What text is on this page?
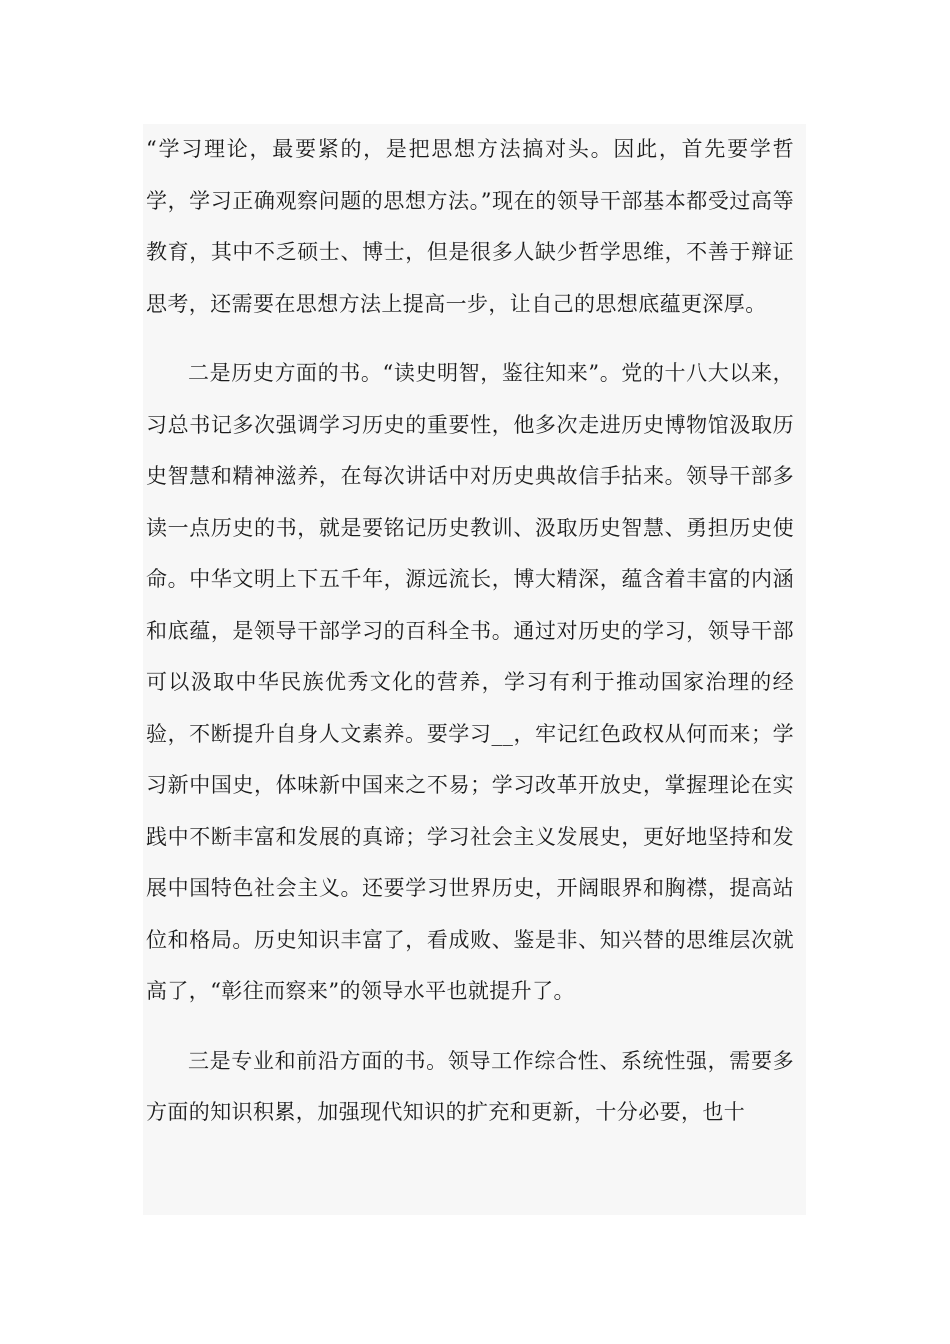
“学习理论，最要紧的，是把思想方法搞对头。因此，首先要学哲学，学习正确观察问题的思想方法。”现在的领导干部基本都受过高等教育，其中不乏硕士、博士，但是很多人缺少哲学思维，不善于辩证思考，还需要在思想方法上提高一步，让自己的思想底蕴更深厚。

二是历史方面的书。“读史明智，鉴往知来”。党的十八大以来，习总书记多次强调学习历史的重要性，他多次走进历史博物馆汲取历史智慧和精神滋养，在每次讲话中对历史典故信手拈来。领导干部多读一点历史的书，就是要铭记历史教训、汲取历史智慧、勇担历史使命。中华文明上下五千年，源远流长，博大精深，蕴含着丰富的内涵和底蕴，是领导干部学习的百科全书。通过对历史的学习，领导干部可以汲取中华民族优秀文化的营养，学习有利于推动国家治理的经验，不断提升自身人文素养。要学习__，牢记红色政权从何而来；学习新中国史，体味新中国来之不易；学习改革开放史，掌握理论在实践中不断丰富和发展的真谛；学习社会主义发展史，更好地坚持和发展中国特色社会主义。还要学习世界历史，开阔眼界和胸襟，提高站位和格局。历史知识丰富了，看成败、鉴是非、知兴替的思维层次就高了，“彰往而察来”的领导水平也就提升了。

三是专业和前沿方面的书。领导工作综合性、系统性强，需要多方面的知识积累，加强现代知识的扩充和更新，十分必要，也十
